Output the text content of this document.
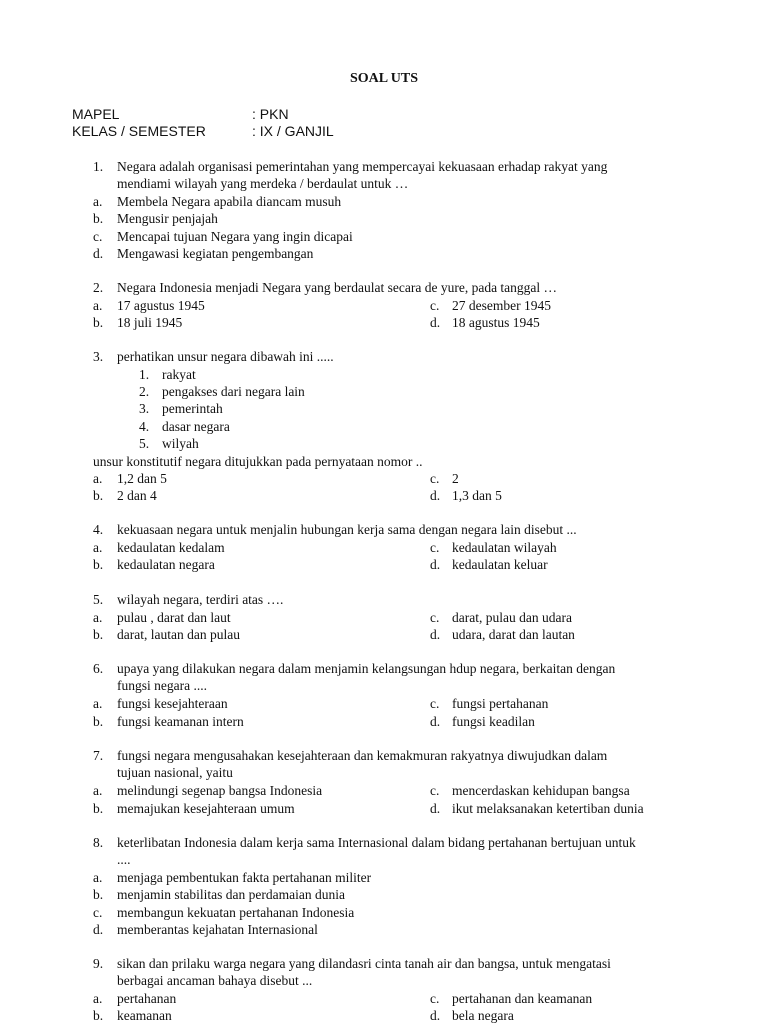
SOAL UTS
MAPEL	: PKN
KELAS / SEMESTER	: IX / GANJIL
1. Negara adalah organisasi pemerintahan yang mempercayai kekuasaan erhadap rakyat yang
mendiami wilayah yang merdeka / berdaulat untuk …
a. Membela Negara apabila diancam musuh
b. Mengusir penjajah
c. Mencapai tujuan Negara yang ingin dicapai
d. Mengawasi kegiatan pengembangan
2. Negara Indonesia menjadi Negara yang berdaulat secara de yure, pada tanggal …
a. 17 agustus 1945	c. 27 desember 1945
b. 18 juli 1945	d. 18 agustus 1945
3. perhatikan unsur negara dibawah ini .....
1. rakyat
2. pengakses dari negara lain
3. pemerintah
4. dasar negara
5. wilyah
unsur konstitutif negara ditujukkan pada pernyataan nomor ..
a. 1,2 dan 5	c. 2
b. 2 dan 4	d. 1,3 dan 5
4. kekuasaan negara untuk menjalin hubungan kerja sama dengan negara lain disebut ...
a. kedaulatan kedalam	c. kedaulatan wilayah
b. kedaulatan negara	d. kedaulatan keluar
5. wilayah negara, terdiri atas ….
a. pulau , darat dan laut	c. darat, pulau dan udara
b. darat, lautan dan pulau	d. udara, darat dan lautan
6. upaya yang dilakukan negara dalam menjamin kelangsungan hdup negara, berkaitan dengan
fungsi negara ....
a. fungsi kesejahteraan	c. fungsi pertahanan
b. fungsi keamanan intern	d. fungsi keadilan
7. fungsi negara mengusahakan kesejahteraan dan kemakmuran rakyatnya diwujudkan dalam
tujuan nasional, yaitu
a. melindungi segenap bangsa Indonesia	c. mencerdaskan kehidupan bangsa
b. memajukan kesejahteraan umum	d. ikut melaksanakan ketertiban dunia
8. keterlibatan Indonesia dalam kerja sama Internasional dalam bidang pertahanan bertujuan untuk
....
a. menjaga pembentukan fakta pertahanan militer
b. menjamin stabilitas dan perdamaian dunia
c. membangun kekuatan pertahanan Indonesia
d. memberantas kejahatan Internasional
9. sikan dan prilaku warga negara yang dilandasri cinta tanah air dan bangsa, untuk mengatasi
berbagai ancaman bahaya disebut ...
a. pertahanan	c. pertahanan dan keamanan
b. keamanan	d. bela negara
